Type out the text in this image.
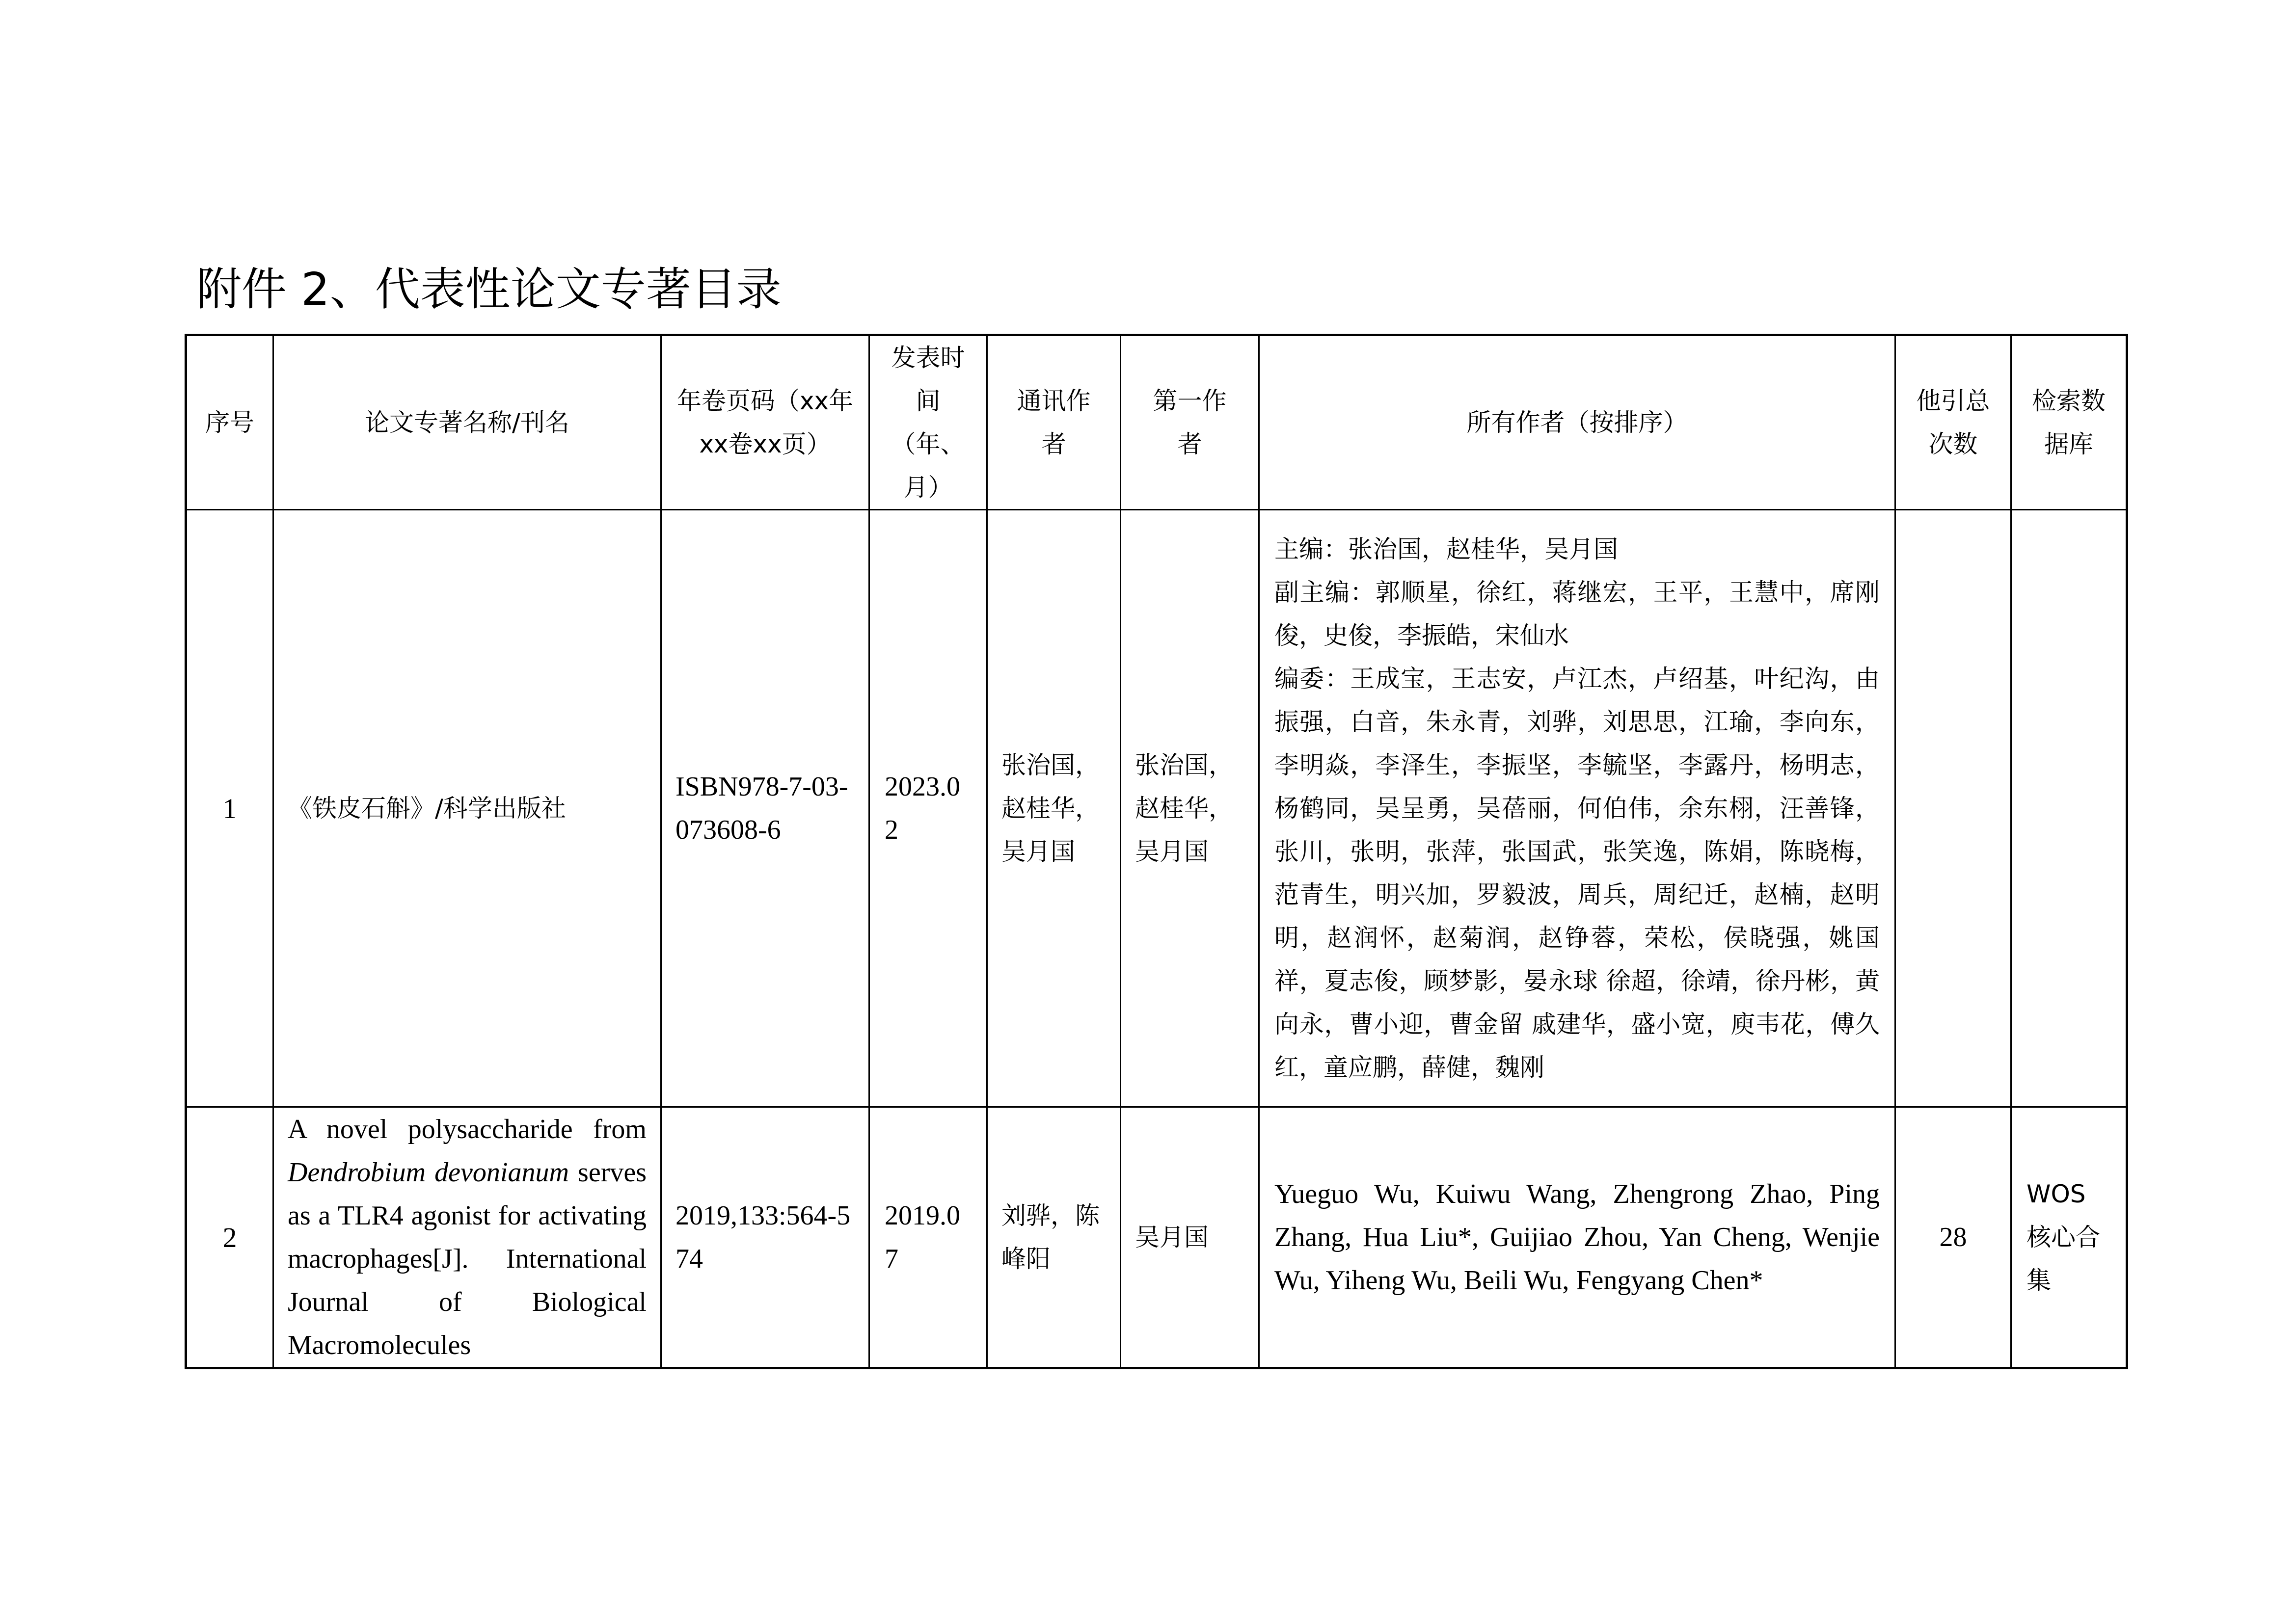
附件 2、代表性论文专著目录
序号	论文专著名称/刊名	年卷页码（xx年xx卷xx页）	发表时间（年、月）	通讯作者	第一作者	所有作者（按排序）	他引总次数	检索数据库

1	《铁皮石斛》/科学出版社	ISBN978-7-03-073608-6	2023.02	张治国，赵桂华，吴月国	张治国，赵桂华，吴月国	主编：张治国，赵桂华，吴月国
副主编：郭顺星，徐红，蒋继宏，王平，王慧中，席刚俊，史俊，李振皓，宋仙水
编委：王成宝，王志安，卢江杰，卢绍基，叶纪沟，由振强，白音，朱永青，刘骅，刘思思，江瑜，李向东，李明焱，李泽生，李振坚，李毓坚，李露丹，杨明志，杨鹤同，吴呈勇，吴蓓丽，何伯伟，余东栩，汪善锋，张川，张明，张萍，张国武，张笑逸，陈娟，陈晓梅，范青生，明兴加，罗毅波，周兵，周纪迁，赵楠，赵明明，赵润怀，赵菊润，赵铮蓉，荣松，侯晓强，姚国祥，夏志俊，顾梦影，晏永球 徐超，徐靖，徐丹彬，黄向永，曹小迎，曹金留 戚建华，盛小宽，庾韦花，傅久红，童应鹏，薛健，魏刚		

2	A novel polysaccharide from Dendrobium devonianum serves as a TLR4 agonist for activating macrophages[J]. International Journal of Biological Macromolecules	2019,133:564-574	2019.07	刘骅，陈峰阳	吴月国	Yueguo Wu, Kuiwu Wang, Zhengrong Zhao, Ping Zhang, Hua Liu*, Guijiao Zhou, Yan Cheng, Wenjie Wu, Yiheng Wu, Beili Wu, Fengyang Chen*	28	WOS 核心合集
